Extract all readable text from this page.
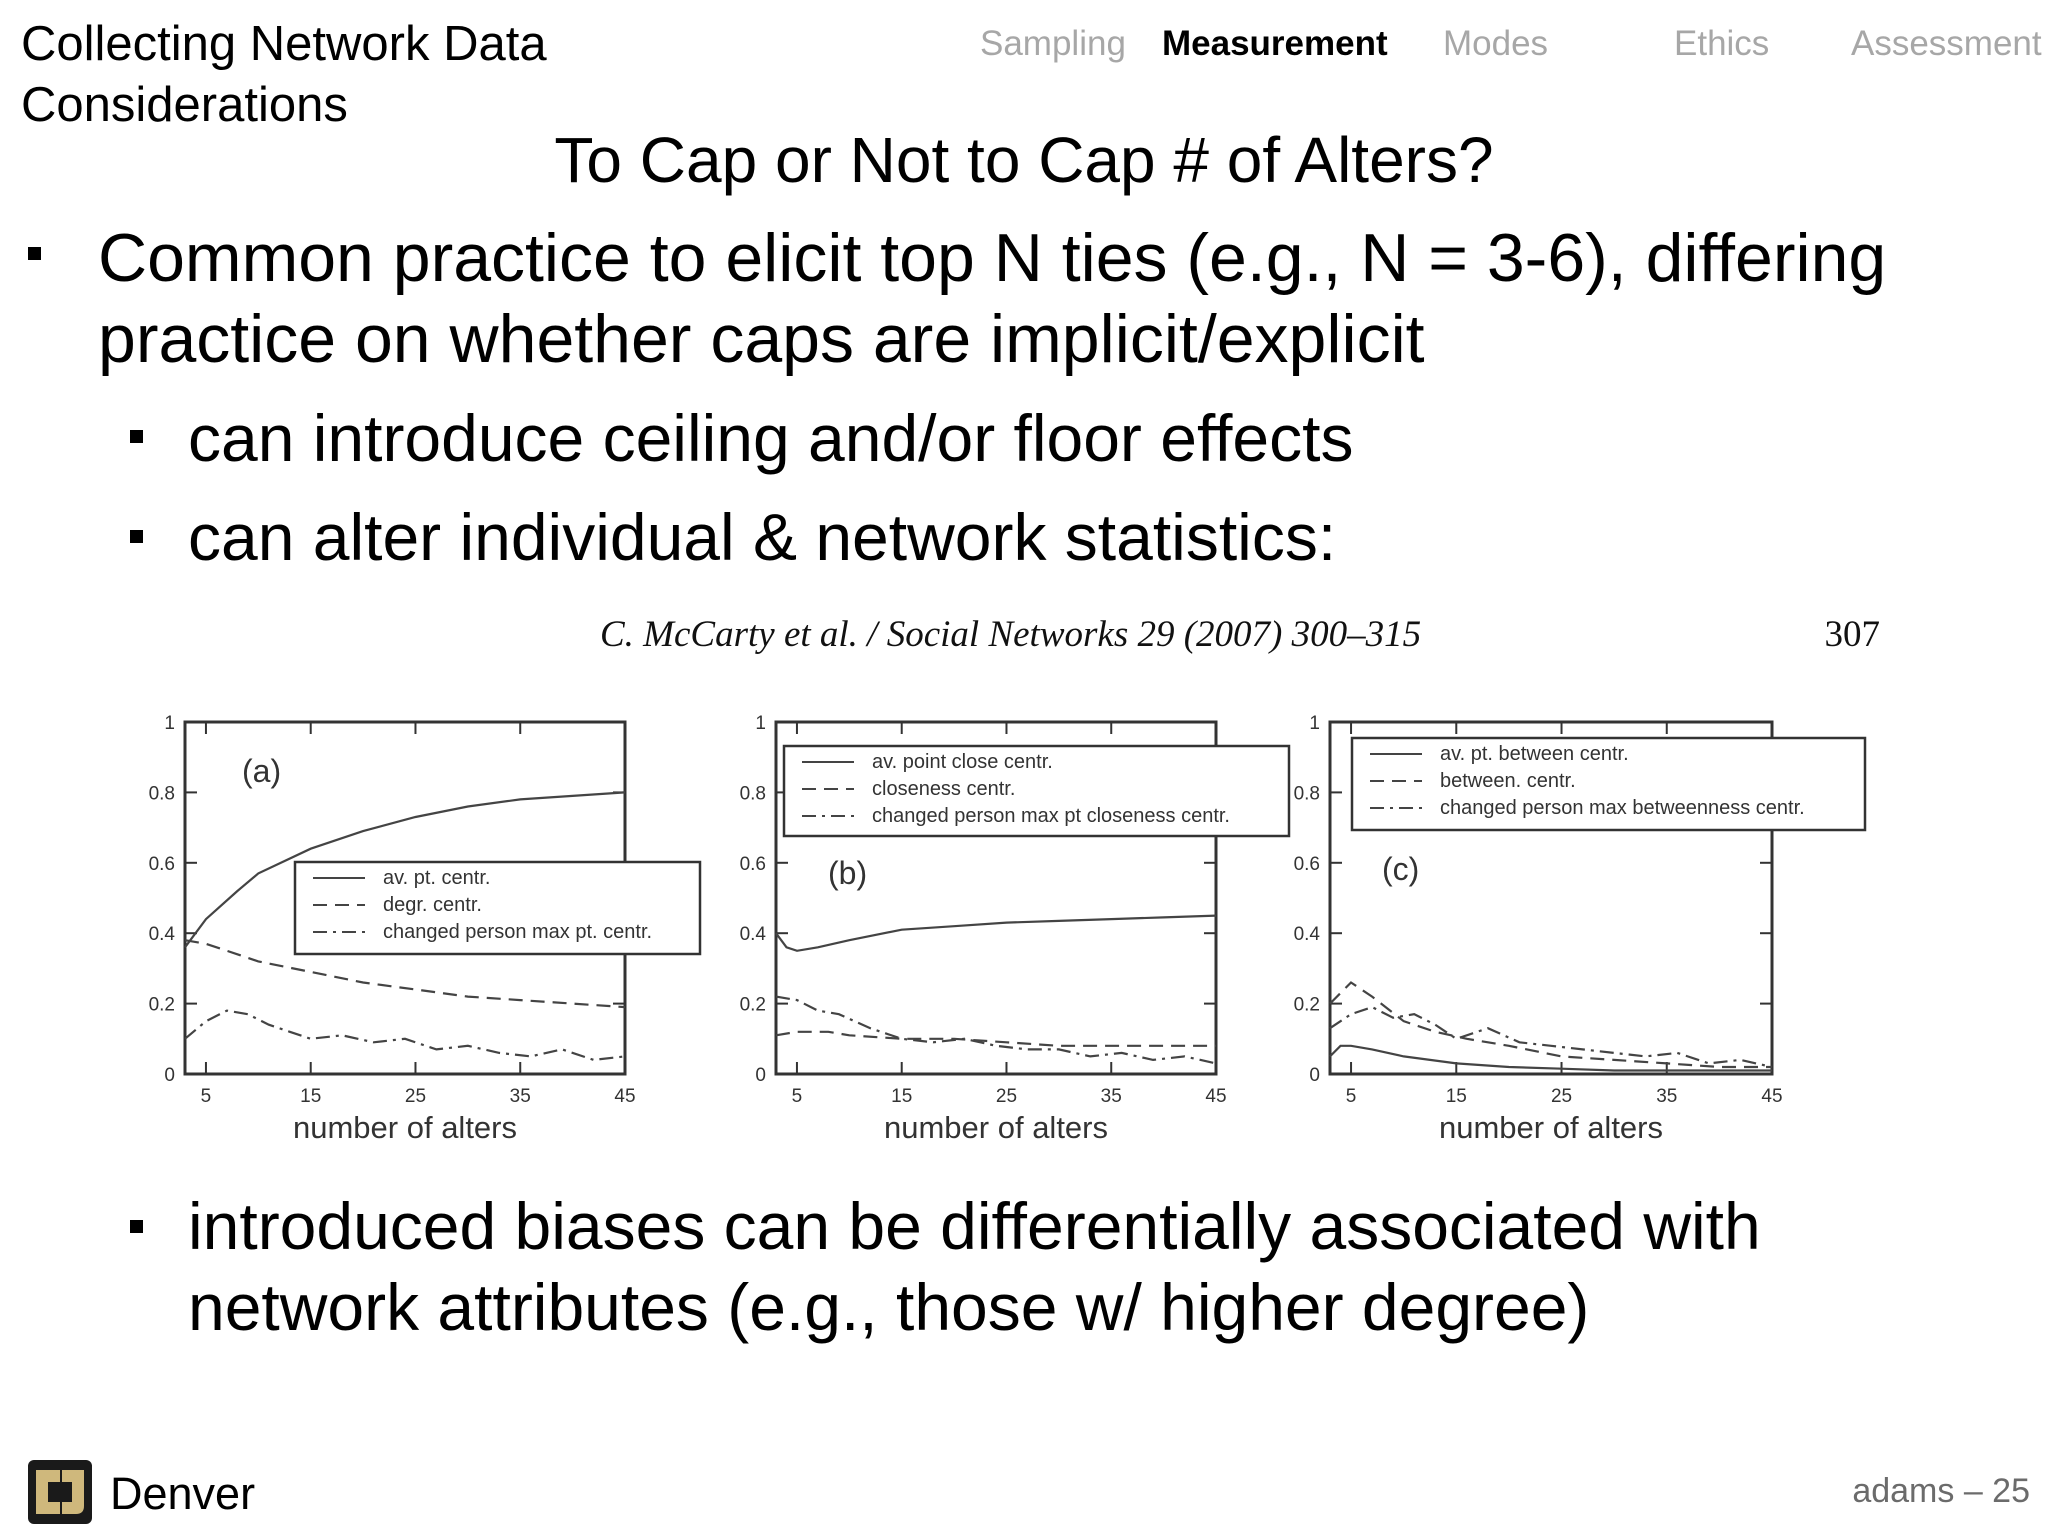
Collecting Network Data
Considerations
Sampling Measurement Modes	Ethics Assessment
To Cap or Not to Cap # of Alters?
Common practice to elicit top N ties (e.g., N = 3-6), differing practice on whether caps are implicit/explicit
can introduce ceiling and/or floor effects
can alter individual & network statistics:
C. McCarty et al. / Social Networks 29 (2007) 300–315	307
0
0.2
0.4
0.6
0.8
1
5	15	25	35	45
number of alters
(a)
av. pt. centr.
degr. centr.
changed person max pt. centr.
0
0.2
0.4
0.6
0.8
1
5	15	25	35	45
number of alters
(b)
av. point close centr.
closeness centr.
changed person max pt closeness centr.
0
0.2
0.4
0.6
0.8
1
5	15	25	35	45
number of alters
(c)
av. pt. between centr.
between. centr.
changed person max betweenness centr.
introduced biases can be differentially associated with network attributes (e.g., those w/ higher degree)
Denver	adams – 25
